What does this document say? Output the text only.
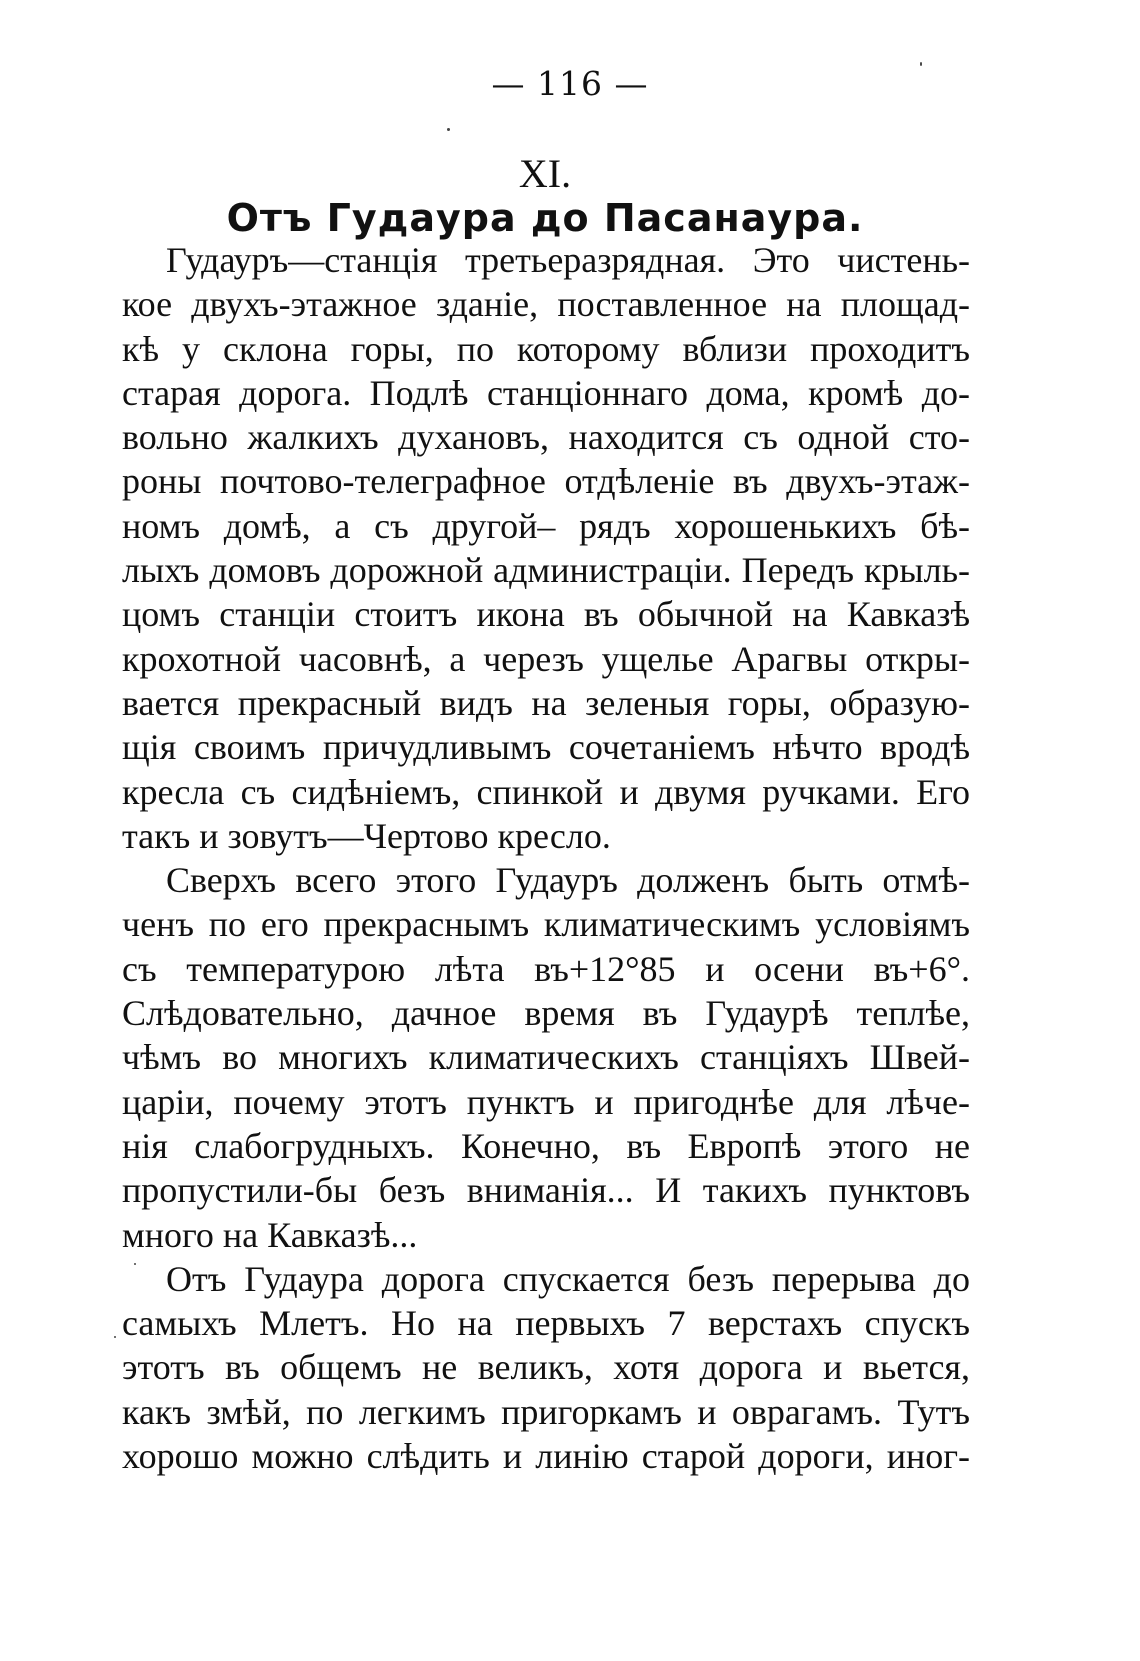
— 116 —
XI.
Отъ Гудаура до Пасанаура.
Гудауръ—станція третьеразрядная. Это чистень-
кое двухъ-этажное зданіе, поставленное на площад-
кѣ у склона горы, по которому вблизи проходитъ
старая дорога. Подлѣ станціоннаго дома, кромѣ до-
вольно жалкихъ духановъ, находится съ одной сто-
роны почтово-телеграфное отдѣленіе въ двухъ-этаж-
номъ домѣ, а съ другой– рядъ хорошенькихъ бѣ-
лыхъ домовъ дорожной администраціи. Передъ крыль-
цомъ станціи стоитъ икона въ обычной на Кавказѣ
крохотной часовнѣ, а черезъ ущелье Арагвы откры-
вается прекрасный видъ на зеленыя горы, образую-
щія своимъ причудливымъ сочетаніемъ нѣчто вродѣ
кресла съ сидѣніемъ, спинкой и двумя ручками. Его
такъ и зовутъ—Чертово кресло.
Сверхъ всего этого Гудауръ долженъ быть отмѣ-
ченъ по его прекраснымъ климатическимъ условіямъ
съ температурою лѣта въ+12°85 и осени въ+6°.
Слѣдовательно, дачное время въ Гудаурѣ теплѣе,
чѣмъ во многихъ климатическихъ станціяхъ Швей-
царіи, почему этотъ пунктъ и пригоднѣе для лѣче-
нія слабогрудныхъ. Конечно, въ Европѣ этого не
пропустили-бы безъ вниманія... И такихъ пунктовъ
много на Кавказѣ...
Отъ Гудаура дорога спускается безъ перерыва до
самыхъ Млетъ. Но на первыхъ 7 верстахъ спускъ
этотъ въ общемъ не великъ, хотя дорога и вьется,
какъ змѣй, по легкимъ пригоркамъ и оврагамъ. Тутъ
хорошо можно слѣдить и линію старой дороги, иног-
